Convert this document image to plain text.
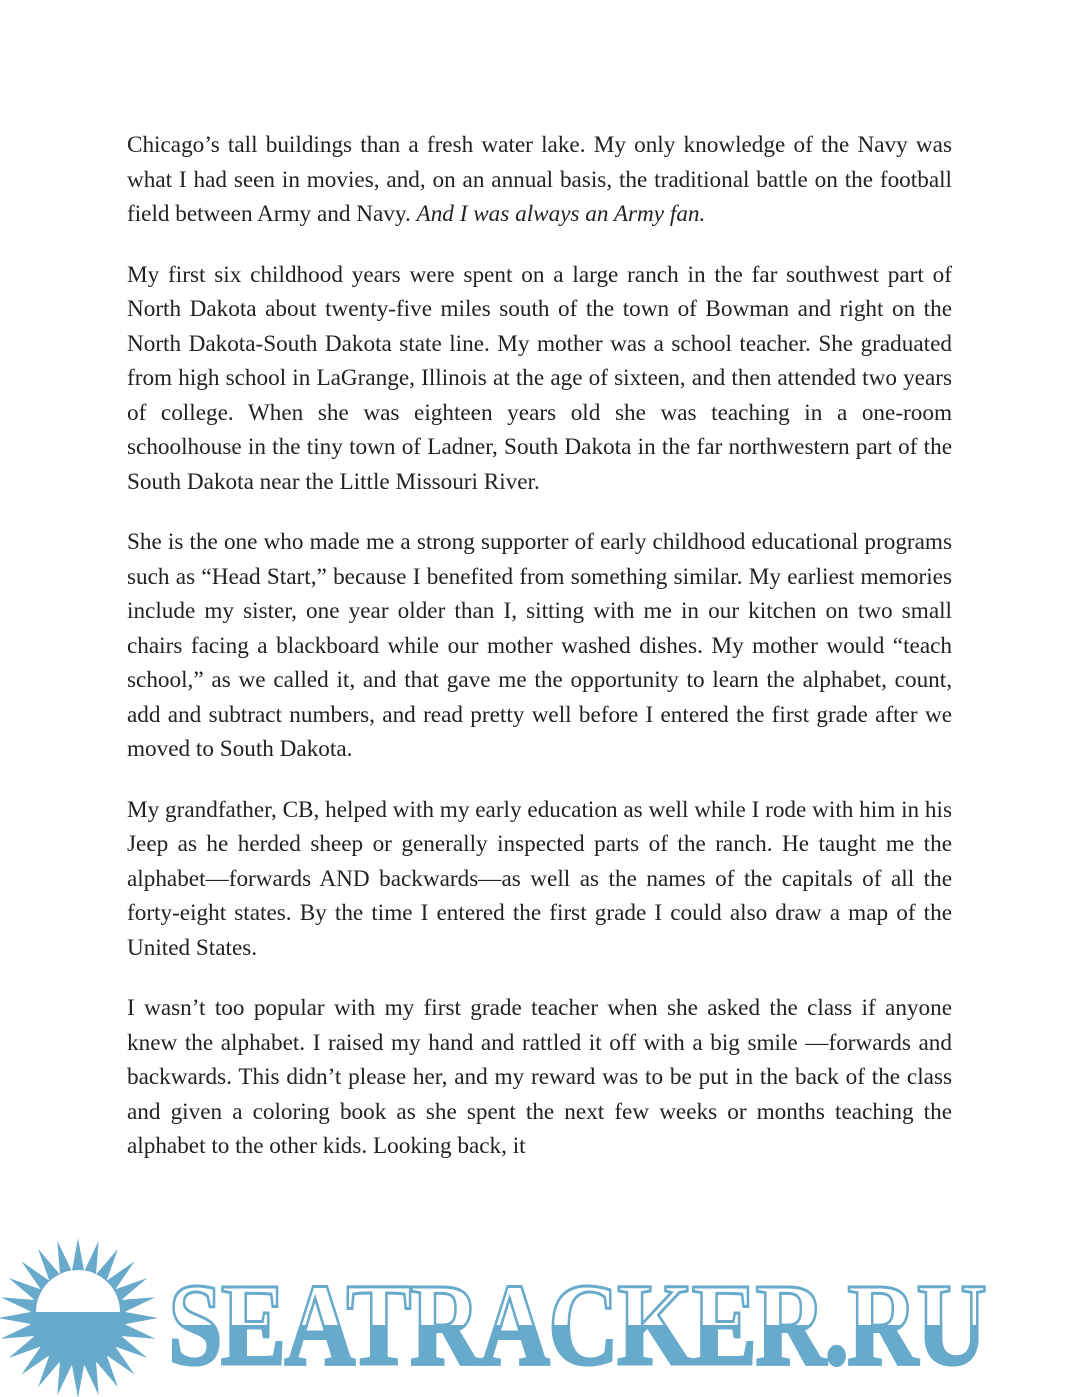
Chicago’s tall buildings than a fresh water lake. My only knowledge of the Navy was what I had seen in movies, and, on an annual basis, the traditional battle on the football field between Army and Navy. And I was always an Army fan.

My first six childhood years were spent on a large ranch in the far southwest part of North Dakota about twenty-five miles south of the town of Bowman and right on the North Dakota-South Dakota state line. My mother was a school teacher. She graduated from high school in LaGrange, Illinois at the age of sixteen, and then attended two years of college. When she was eighteen years old she was teaching in a one-room schoolhouse in the tiny town of Ladner, South Dakota in the far northwestern part of the South Dakota near the Little Missouri River.

She is the one who made me a strong supporter of early childhood educational programs such as “Head Start,” because I benefited from something similar. My earliest memories include my sister, one year older than I, sitting with me in our kitchen on two small chairs facing a blackboard while our mother washed dishes. My mother would “teach school,” as we called it, and that gave me the opportunity to learn the alphabet, count, add and subtract numbers, and read pretty well before I entered the first grade after we moved to South Dakota.

My grandfather, CB, helped with my early education as well while I rode with him in his Jeep as he herded sheep or generally inspected parts of the ranch. He taught me the alphabet—forwards AND backwards—as well as the names of the capitals of all the forty-eight states. By the time I entered the first grade I could also draw a map of the United States.

I wasn’t too popular with my first grade teacher when she asked the class if anyone knew the alphabet. I raised my hand and rattled it off with a big smile —forwards and backwards. This didn’t please her, and my reward was to be put in the back of the class and given a coloring book as she spent the next few weeks or months teaching the alphabet to the other kids. Looking back, it

SEATRACKER.RU
